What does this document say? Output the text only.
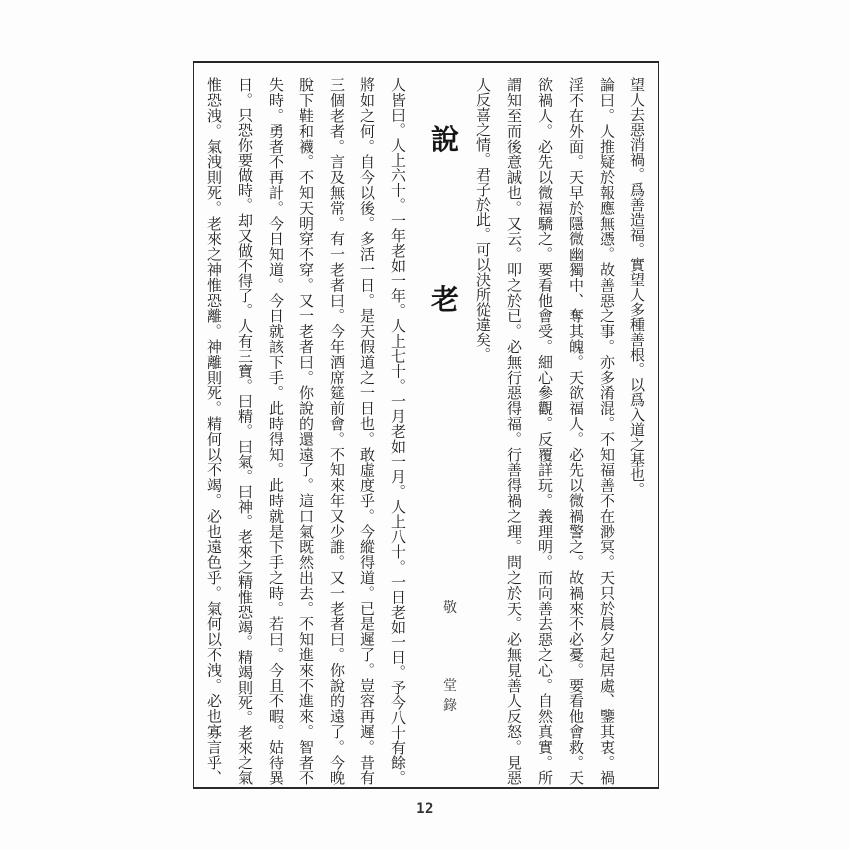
望人去惡消禍。爲善造福。實望人多種善根。以爲入道之基也。
論曰。人推疑於報應無憑。故善惡之事。亦多淆混。不知福善不在渺冥。天只於晨夕起居處、鑒其衷。禍
淫不在外面。天早於隱微幽獨中、奪其魄。天欲福人。必先以微禍警之。故禍來不必憂。要看他會救。天
欲禍人。必先以微福驕之。要看他會受。細心參觀。反覆詳玩。義理明。而向善去惡之心。自然真實。所
謂知至而後意誠也。又云。叩之於已。必無行惡得福。行善得禍之理。問之於天。必無見善人反怒。見惡
人反喜之情。君子於此。可以決所從違矣。
說
老
敬
堂
錄
人皆曰。人上六十。一年老如一年。人上七十。一月老如一月。人上八十。一日老如一日。予今八十有餘。
將如之何。自今以後。多活一日。是天假道之一日也。敢虛度乎。今縱得道。已是遲了。豈容再遲。昔有
三個老者。言及無常。有一老者曰。今年酒席筵前會。不知來年又少誰。又一老者曰。你說的遠了。今晚
脫下鞋和襪。不知天明穿不穿。又一老者曰。你說的還遠了。這口氣既然出去。不知進來不進來。智者不
失時。勇者不再計。今日知道。今日就該下手。此時得知。此時就是下手之時。若曰。今且不暇。姑待異
日。只恐你要做時。却又做不得了。人有三寶。曰精。曰氣。曰神。老來之精惟恐竭。精竭則死。老來之氣
惟恐洩。氣洩則死。老來之神惟恐離。神離則死。精何以不竭。必也遠色乎。氣何以不洩。必也寡言乎、
12
